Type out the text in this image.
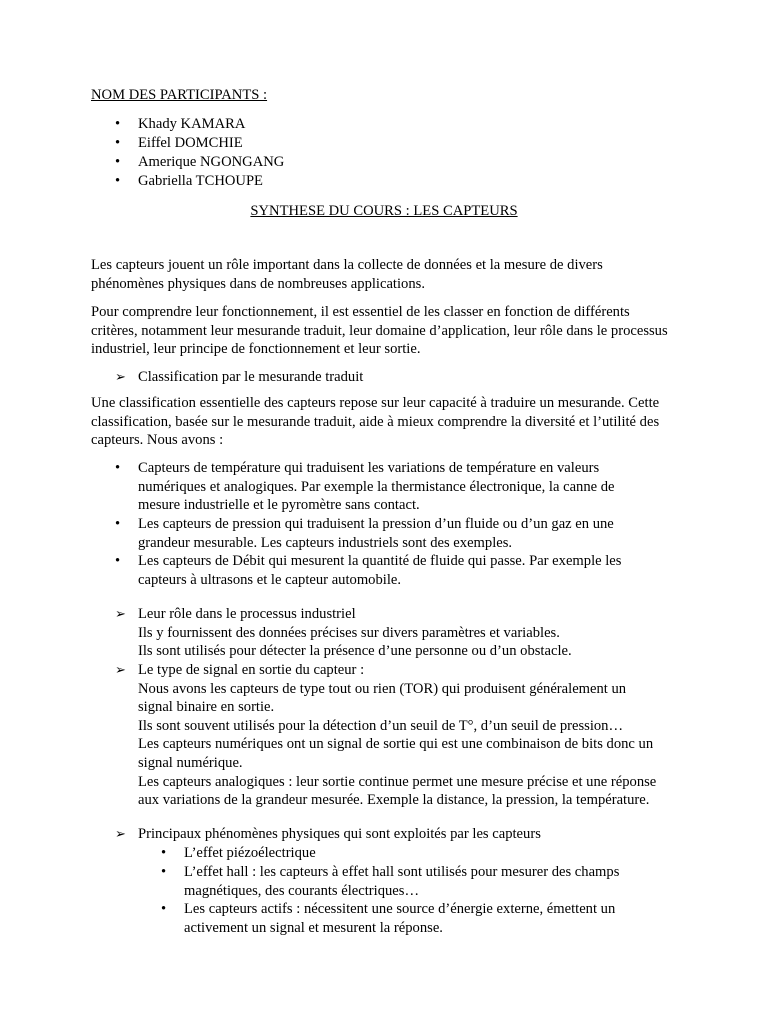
NOM DES PARTICIPANTS :

• Khady KAMARA
• Eiffel DOMCHIE
• Amerique NGONGANG
• Gabriella TCHOUPE

SYNTHESE DU COURS : LES CAPTEURS

Les capteurs jouent un rôle important dans la collecte de données et la mesure de divers phénomènes physiques dans de nombreuses applications.

Pour comprendre leur fonctionnement, il est essentiel de les classer en fonction de différents critères, notamment leur mesurande traduit, leur domaine d’application, leur rôle dans le processus industriel, leur principe de fonctionnement et leur sortie.

➢ Classification par le mesurande traduit

Une classification essentielle des capteurs repose sur leur capacité à traduire un mesurande. Cette classification, basée sur le mesurande traduit, aide à mieux comprendre la diversité et l’utilité des capteurs. Nous avons :

• Capteurs de température qui traduisent les variations de température en valeurs numériques et analogiques. Par exemple la thermistance électronique, la canne de mesure industrielle et le pyromètre sans contact.
• Les capteurs de pression qui traduisent la pression d’un fluide ou d’un gaz en une grandeur mesurable. Les capteurs industriels sont des exemples.
• Les capteurs de Débit qui mesurent la quantité de fluide qui passe. Par exemple les capteurs à ultrasons et le capteur automobile.
➢ Leur rôle dans le processus industriel

Ils y fournissent des données précises sur divers paramètres et variables.

Ils sont utilisés pour détecter la présence d’une personne ou d’un obstacle.

➢ Le type de signal en sortie du capteur :

Nous avons les capteurs de type tout ou rien (TOR) qui produisent généralement un signal binaire en sortie.

Ils sont souvent utilisés pour la détection d’un seuil de T°, d’un seuil de pression…

Les capteurs numériques ont un signal de sortie qui est une combinaison de bits donc un signal numérique.

Les capteurs analogiques : leur sortie continue permet une mesure précise et une réponse aux variations de la grandeur mesurée. Exemple la distance, la pression, la température.

➢ Principaux phénomènes physiques qui sont exploités par les capteurs
• L’effet piézoélectrique
• L’effet hall : les capteurs à effet hall sont utilisés pour mesurer des champs magnétiques, des courants électriques…
• Les capteurs actifs : nécessitent une source d’énergie externe, émettent un activement un signal et mesurent la réponse.
